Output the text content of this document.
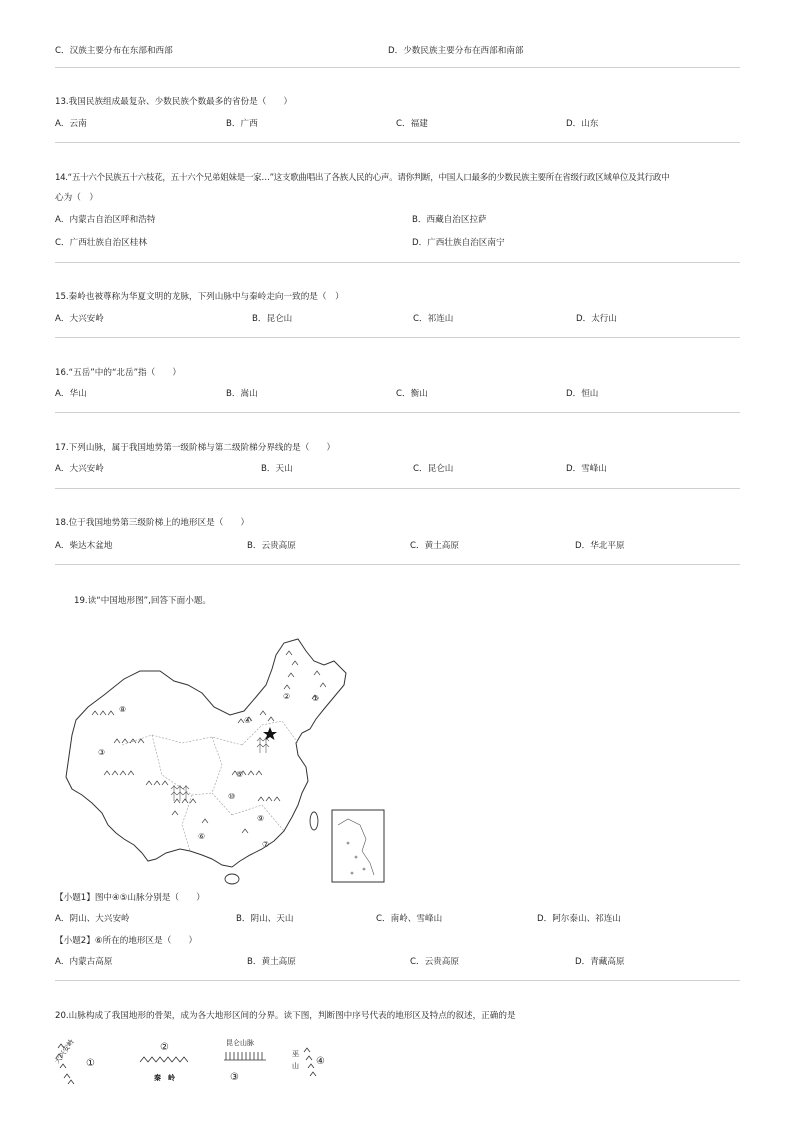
C．汉族主要分布在东部和西部	D．少数民族主要分布在西部和南部
13.我国民族组成最复杂、少数民族个数最多的省份是（　　）
A．云南	B．广西	C．福建	D．山东
14.“五十六个民族五十六枝花，五十六个兄弟姐妹是一家…”这支歌曲唱出了各族人民的心声。请你判断，中国人口最多的少数民族主要所在省级行政区域单位及其行政中
心为（　）
A．内蒙古自治区呼和浩特	B．西藏自治区拉萨
C．广西壮族自治区桂林	D．广西壮族自治区南宁
15.秦岭也被尊称为华夏文明的龙脉，下列山脉中与秦岭走向一致的是（　）
A．大兴安岭	B．昆仑山	C．祁连山	D．太行山
16.“五岳”中的“北岳”指（　　）
A．华山	B．嵩山	C．衡山	D．恒山
17.下列山脉，属于我国地势第一级阶梯与第二级阶梯分界线的是（　　）
A．大兴安岭	B．天山	C．昆仑山	D．雪峰山
18.位于我国地势第三级阶梯上的地形区是（　　）
A．柴达木盆地	B．云贵高原	C．黄土高原	D．华北平原
19.读“中国地形图”,回答下面小题。
①
②
③
④
⑤
⑥
⑦
⑧
⑨
⑩
【小题1】图中④⑤山脉分别是（　　）
A．阴山、大兴安岭	B．阴山、天山	C．南岭、雪峰山	D．阿尔泰山、祁连山
【小题2】⑥所在的地形区是（　　）
A．内蒙古高原	B．黄土高原	C．云贵高原	D．青藏高原
20.山脉构成了我国地形的骨架，成为各大地形区间的分界。读下图，判断图中序号代表的地形区及特点的叙述，正确的是
大兴安岭 ①
②
秦　岭
昆仑山脉
③
巫
山 ④
